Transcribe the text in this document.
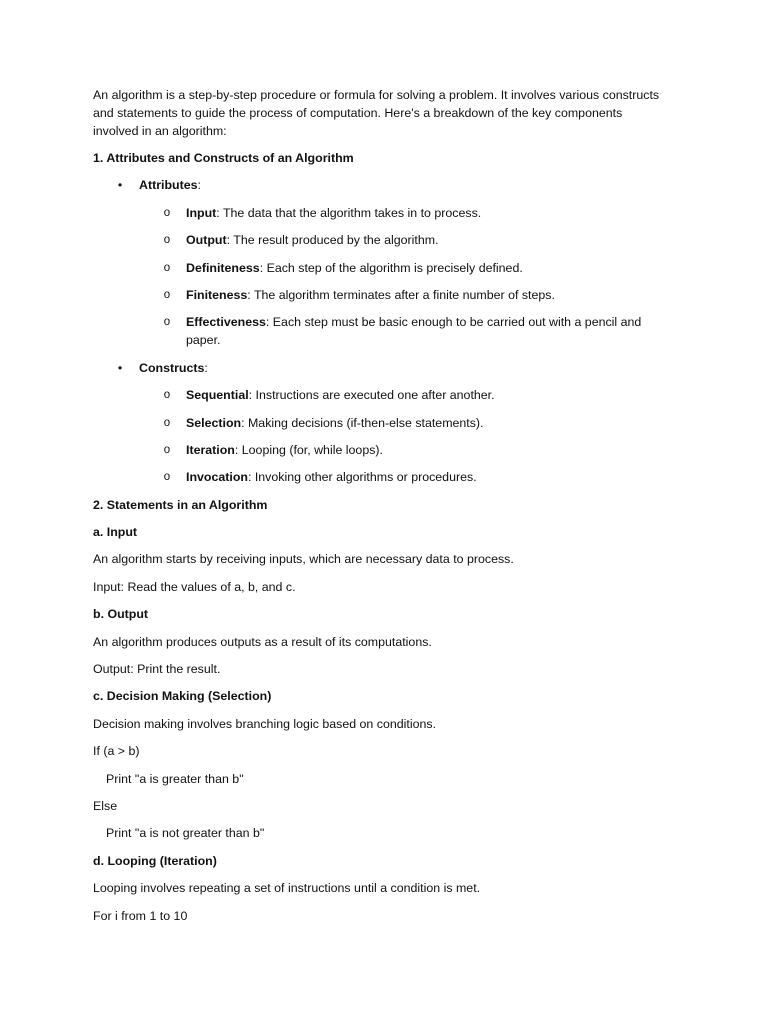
An algorithm is a step-by-step procedure or formula for solving a problem. It involves various constructs and statements to guide the process of computation. Here's a breakdown of the key components involved in an algorithm:

1. Attributes and Constructs of an Algorithm

• Attributes:
o Input: The data that the algorithm takes in to process.
o Output: The result produced by the algorithm.
o Definiteness: Each step of the algorithm is precisely defined.
o Finiteness: The algorithm terminates after a finite number of steps.
o Effectiveness: Each step must be basic enough to be carried out with a pencil and paper.
• Constructs:
o Sequential: Instructions are executed one after another.
o Selection: Making decisions (if-then-else statements).
o Iteration: Looping (for, while loops).
o Invocation: Invoking other algorithms or procedures.

2. Statements in an Algorithm

a. Input

An algorithm starts by receiving inputs, which are necessary data to process.

Input: Read the values of a, b, and c.

b. Output

An algorithm produces outputs as a result of its computations.

Output: Print the result.

c. Decision Making (Selection)

Decision making involves branching logic based on conditions.

If (a > b)

Print "a is greater than b"

Else

Print "a is not greater than b"

d. Looping (Iteration)

Looping involves repeating a set of instructions until a condition is met.

For i from 1 to 10
